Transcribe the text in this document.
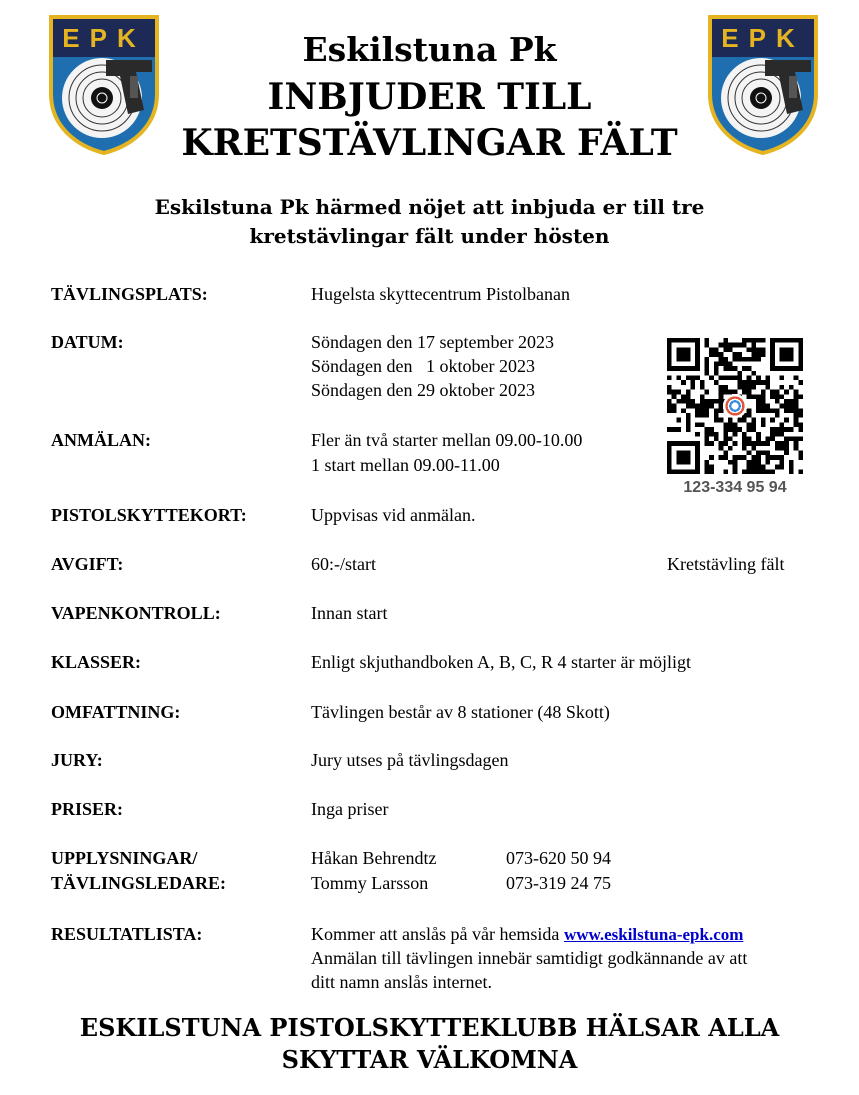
EPK	EPK
Eskilstuna Pk
INBJUDER TILL
KRETSTÄVLINGAR FÄLT
Eskilstuna Pk härmed nöjet att inbjuda er till tre
kretstävlingar fält under hösten
TÄVLINGSPLATS:	Hugelsta skyttecentrum Pistolbanan
DATUM:	Söndagen den 17 september 2023
Söndagen den   1 oktober 2023
Söndagen den 29 oktober 2023
ANMÄLAN:	Fler än två starter mellan 09.00-10.00
1 start mellan 09.00-11.00
123-334 95 94
PISTOLSKYTTEKORT:	Uppvisas vid anmälan.
AVGIFT:	60:-/start	Kretstävling fält
VAPENKONTROLL:	Innan start
KLASSER:	Enligt skjuthandboken A, B, C, R 4 starter är möjligt
OMFATTNING:	Tävlingen består av 8 stationer (48 Skott)
JURY:	Jury utses på tävlingsdagen
PRISER:	Inga priser
UPPLYSNINGAR/
TÄVLINGSLEDARE:
Håkan Behrendtz	073-620 50 94
Tommy Larsson	073-319 24 75
RESULTATLISTA:	Kommer att anslås på vår hemsida www.eskilstuna-epk.com
Anmälan till tävlingen innebär samtidigt godkännande av att
ditt namn anslås internet.
ESKILSTUNA PISTOLSKYTTEKLUBB HÄLSAR ALLA
SKYTTAR VÄLKOMNA
